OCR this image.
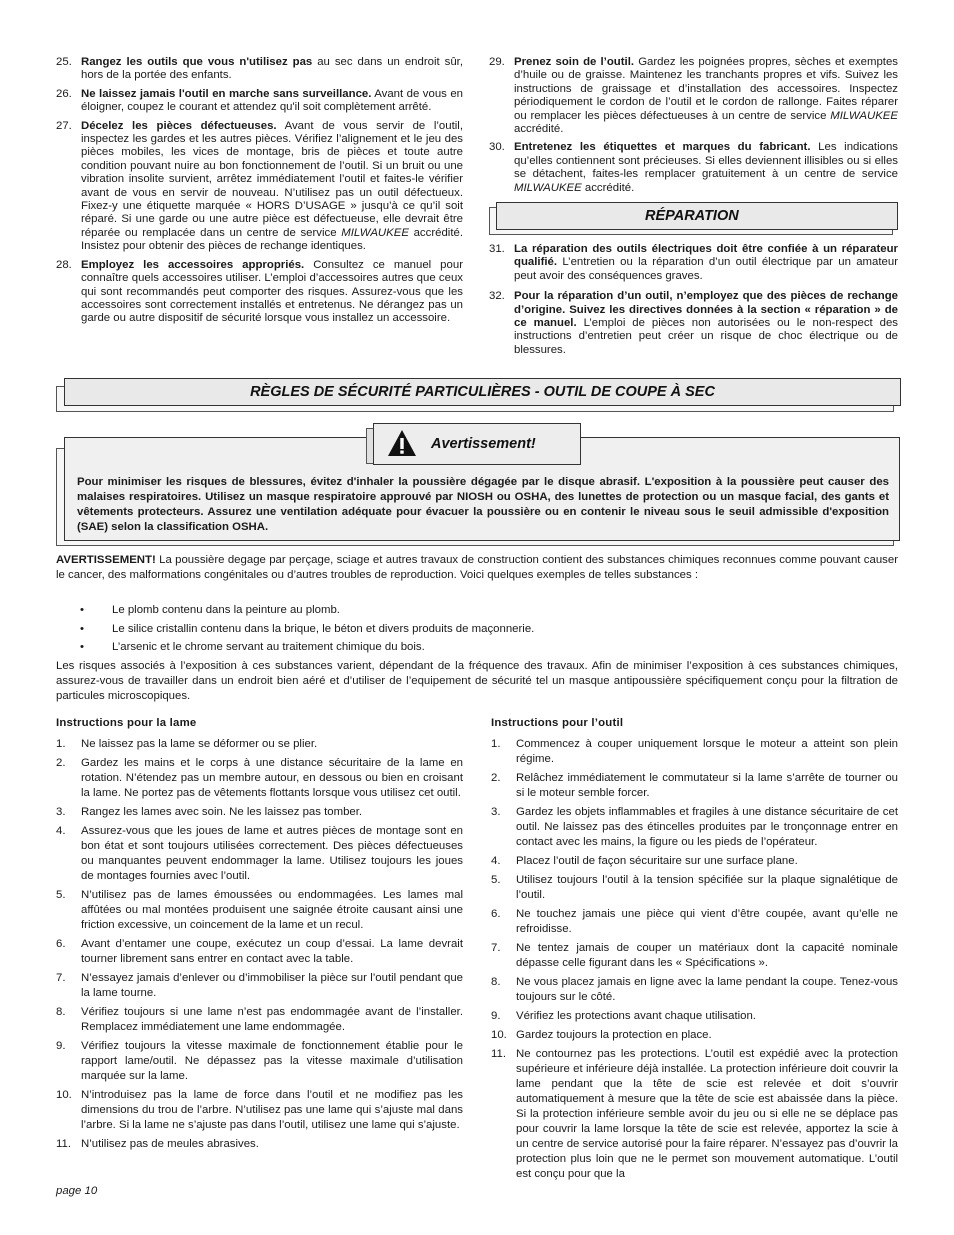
25. Rangez les outils que vous n'utilisez pas au sec dans un endroit sûr, hors de la portée des enfants.
26. Ne laissez jamais l'outil en marche sans surveillance. Avant de vous en éloigner, coupez le courant et attendez qu'il soit complètement arrêté.
27. Décelez les pièces défectueuses. Avant de vous servir de l’outil, inspectez les gardes et les autres pièces. Vérifiez l’alignement et le jeu des pièces mobiles, les vices de montage, bris de pièces et toute autre condition pouvant nuire au bon fonctionnement de l’outil. Si un bruit ou une vibration insolite survient, arrêtez immédiatement l’outil et faites-le vérifier avant de vous en servir de nouveau. N’utilisez pas un outil défectueux. Fixez-y une étiquette marquée « HORS D’USAGE » jusqu’à ce qu’il soit réparé. Si une garde ou une autre pièce est défectueuse, elle devrait être réparée ou remplacée dans un centre de service MILWAUKEE accrédité. Insistez pour obtenir des pièces de rechange identiques.
28. Employez les accessoires appropriés. Consultez ce manuel pour connaître quels accessoires utiliser. L’emploi d’accessoires autres que ceux qui sont recommandés peut comporter des risques. Assurez-vous que les accessoires sont correctement installés et entretenus. Ne dérangez pas un garde ou autre dispositif de sécurité lorsque vous installez un accessoire.
29. Prenez soin de l’outil. Gardez les poignées propres, sèches et exemptes d’huile ou de graisse. Maintenez les tranchants propres et vifs. Suivez les instructions de graissage et d’installation des accessoires. Inspectez périodiquement le cordon de l’outil et le cordon de rallonge. Faites réparer ou remplacer les pièces défectueuses à un centre de service MILWAUKEE accrédité.
30. Entretenez les étiquettes et marques du fabricant. Les indications qu’elles contiennent sont précieuses. Si elles deviennent illisibles ou si elles se détachent, faites-les remplacer gratuitement à un centre de service MILWAUKEE accrédité.
RÉPARATION
31. La réparation des outils électriques doit être confiée à un réparateur qualifié. L’entretien ou la réparation d’un outil électrique par un amateur peut avoir des conséquences graves.
32. Pour la réparation d’un outil, n’employez que des pièces de rechange d’origine. Suivez les directives données à la section « réparation » de ce manuel. L’emploi de pièces non autorisées ou le non-respect des instructions d’entretien peut créer un risque de choc électrique ou de blessures.
RÈGLES DE SÉCURITÉ PARTICULIÈRES - OUTIL DE COUPE À SEC
Avertissement!
Pour minimiser les risques de blessures, évitez d'inhaler la poussière dégagée par le disque abrasif. L'exposition à la poussière peut causer des malaises respiratoires. Utilisez un masque respiratoire approuvé par NIOSH ou OSHA, des lunettes de protection ou un masque facial, des gants et vêtements protecteurs. Assurez une ventilation adéquate pour évacuer la poussière ou en contenir le niveau sous le seuil admissible d'exposition (SAE) selon la classification OSHA.
AVERTISSEMENT! La poussière degage par perçage, sciage et autres travaux de construction contient des substances chimiques reconnues comme pouvant causer le cancer, des malformations congénitales ou d’autres troubles de reproduction. Voici quelques exemples de telles substances :
•	Le plomb contenu dans la peinture au plomb.
•	Le silice cristallin contenu dans la brique, le béton et divers produits de maçonnerie.
•	L’arsenic et le chrome servant au traitement chimique du bois.
Les risques associés à l’exposition à ces substances varient, dépendant de la fréquence des travaux. Afin de minimiser l’exposition à ces substances chimiques, assurez-vous de travailler dans un endroit bien aéré et d’utiliser de l’equipement de sécurité tel un masque antipoussière spécifiquement conçu pour la filtration de particules microscopiques.
Instructions pour la lame	Instructions pour l’outil
1.	Ne laissez pas la lame se déformer ou se plier.
2.	Gardez les mains et le corps à une distance sécuritaire de la lame en rotation. N’étendez pas un membre autour, en dessous ou bien en croisant la lame. Ne portez pas de vêtements flottants lorsque vous utilisez cet outil.
3.	Rangez les lames avec soin. Ne les laissez pas tomber.
4.	Assurez-vous que les joues de lame et autres pièces de montage sont en bon état et sont toujours utilisées correctement. Des pièces défectueuses ou manquantes peuvent endommager la lame. Utilisez toujours les joues de montages fournies avec l’outil.
5.	N’utilisez pas de lames émoussées ou endommagées. Les lames mal affûtées ou mal montées produisent une saignée étroite causant ainsi une friction excessive, un coincement de la lame et un recul.
6.	Avant d’entamer une coupe, exécutez un coup d’essai. La lame devrait tourner librement sans entrer en contact avec la table.
7.	N’essayez jamais d’enlever ou d’immobiliser la pièce sur l’outil pendant que la lame tourne.
8.	Vérifiez toujours si une lame n’est pas endommagée avant de l’installer. Remplacez immédiatement une lame endommagée.
9.	Vérifiez toujours la vitesse maximale de fonctionnement établie pour le rapport lame/outil. Ne dépassez pas la vitesse maximale d’utilisation marquée sur la lame.
10. N’introduisez pas la lame de force dans l’outil et ne modifiez pas les dimensions du trou de l’arbre. N’utilisez pas une lame qui s’ajuste mal dans l’arbre. Si la lame ne s’ajuste pas dans l’outil, utilisez une lame qui s’ajuste.
11. N’utilisez pas de meules abrasives.
1.	Commencez à couper uniquement lorsque le moteur a atteint son plein régime.
2.	Relâchez immédiatement le commutateur si la lame s’arrête de tourner ou si le moteur semble forcer.
3.	Gardez les objets inflammables et fragiles à une distance sécuritaire de cet outil. Ne laissez pas des étincelles produites par le tronçonnage entrer en contact avec les mains, la figure ou les pieds de l’opérateur.
4.	Placez l’outil de façon sécuritaire sur une surface plane.
5.	Utilisez toujours l’outil à la tension spécifiée sur la plaque signalétique de l’outil.
6.	Ne touchez jamais une pièce qui vient d’être coupée, avant qu’elle ne refroidisse.
7.	Ne tentez jamais de couper un matériaux dont la capacité nominale dépasse celle figurant dans les « Spécifications ».
8.	Ne vous placez jamais en ligne avec la lame pendant la coupe. Tenez-vous toujours sur le côté.
9.	Vérifiez les protections avant chaque utilisation.
10. Gardez toujours la protection en place.
11. Ne contournez pas les protections. L’outil est expédié avec la protection supérieure et inférieure déjà installée. La protection inférieure doit couvrir la lame pendant que la tête de scie est relevée et doit s’ouvrir automatiquement à mesure que la tête de scie est abaissée dans la pièce. Si la protection inférieure semble avoir du jeu ou si elle ne se déplace pas pour couvrir la lame lorsque la tête de scie est relevée, apportez la scie à un centre de service autorisé pour la faire réparer. N’essayez pas d’ouvrir la protection plus loin que ne le permet son mouvement automatique. L’outil est conçu pour que la
page 10
